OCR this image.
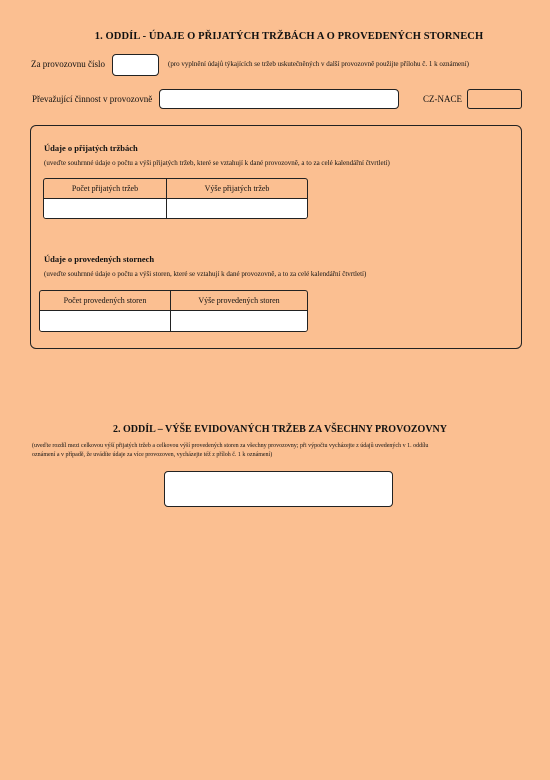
1. ODDÍL - ÚDAJE O PŘIJATÝCH TRŽBÁCH A O PROVEDENÝCH STORNECH
Za provozovnu číslo	(pro vyplnění údajů týkajících se tržeb uskutečněných v další provozovně použijte přílohu č. 1 k oznámení)
Převažující činnost v provozovně	CZ-NACE
Údaje o přijatých tržbách
(uveďte souhrnné údaje o počtu a výši přijatých tržeb, které se vztahují k dané provozovně, a to za celé kalendářní čtvrtletí)
Počet přijatých tržeb	Výše přijatých tržeb
Údaje o provedených stornech
(uveďte souhrnné údaje o počtu a výši storen, které se vztahují k dané provozovně, a to za celé kalendářní čtvrtletí)
Počet provedených storen	Výše provedených storen
2. ODDÍL – VÝŠE EVIDOVANÝCH TRŽEB ZA VŠECHNY PROVOZOVNY
(uveďte rozdíl mezi celkovou výší přijatých tržeb a celkovou výší provedených storen za všechny provozovny; při výpočtu vycházejte z údajů uvedených v 1. oddílu
oznámení a v případě, že uvádíte údaje za více provozoven, vycházejte též z příloh č. 1 k oznámení)
